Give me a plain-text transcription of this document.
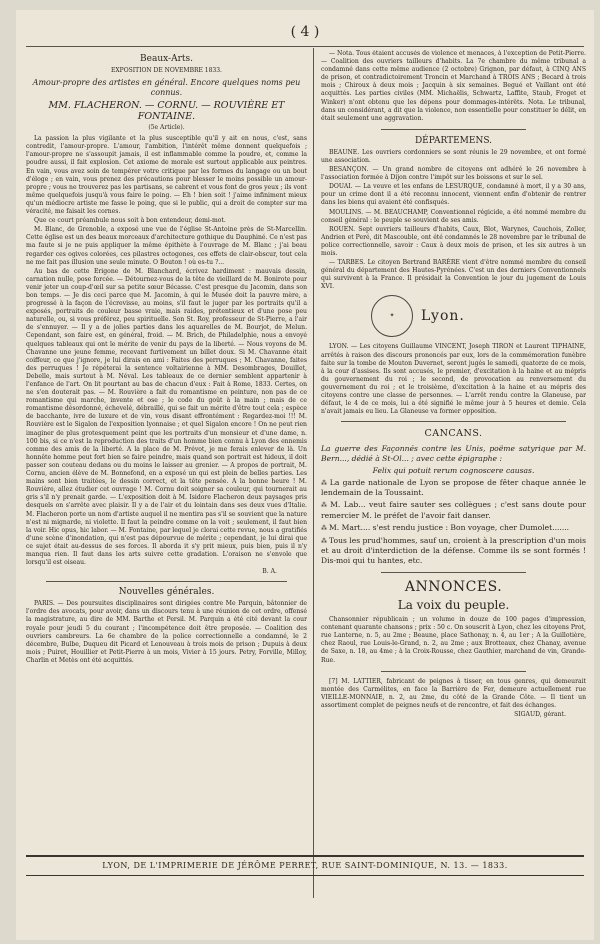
( 4 )
Beaux-Arts.

EXPOSITION DE NOVEMBRE 1833.

Amour-propre des artistes en général. Encore quelques noms peu connus.

MM. FLACHERON. — CORNU. — ROUVIÈRE ET FONTAINE.

(5e Article).

La passion la plus vigilante et la plus susceptible qu'il y ait en nous, c'est, sans contredit, l'amour-propre. L'amour, l'ambition, l'intérêt même donnent quelquefois ; l'amour-propre ne s'assoupit jamais, il est inflammable comme la poudre, et, comme la poudre aussi, il fait explosion. Cet axiome de morale est surtout applicable aux peintres. En vain, vous avez soin de tempérer votre critique par les formes du langage ou un bout d'éloge ; en vain, vous prenez des précautions pour blesser le moins possible un amour-propre ; vous ne trouverez pas les partisans, se cabrent et vous font de gros yeux ; ils vont même quelquefois jusqu'à vous faire le poing. — Eh ! bien soit ! j'aime infiniment mieux qu'un médiocre artiste me fasse le poing, que si le public, qui a droit de compter sur ma véracité, me faisait les cornes.

Que ce court préambule nous soit à bon entendeur, demi-mot.

M. Blanc, de Grenoble, a exposé une vue de l'église St-Antoine près de St-Marcellin. Cette église est un des beaux morceaux d'architecture gothique du Dauphiné. Ce n'est pas ma faute si je ne puis appliquer la même épithète à l'ouvrage de M. Blanc ; j'ai beau regarder ces ogives colorées, ces pilastres octogones, ces effets de clair-obscur, tout cela ne me fait pas illusion une seule minute. O Bouton ! où es-tu ?...

Au bas de cette Erigone de M. Blanchard, écrivez hardiment : mauvais dessin, carnation nulle, pose forcée. — Détournez-vous de la tête de vieillard de M. Bonirote pour venir jeter un coup-d'œil sur sa petite sœur Bécasse. C'est presque du Jacomin, dans son bon temps. — Je dis ceci parce que M. Jacomin, à qui le Musée doit la pauvre mère, a progressé à la façon de l'écrevisse, au moins, s'il faut le juger par les portraits qu'il a exposés, portraits de couleur basse vraie, mais raides, prétentieux et d'une pose peu naturelle, ou, si vous préférez, peu spirituelle. Son St. Roy, professeur de St-Pierre, a l'air de s'ennuyer. — Il y a de jolies parties dans les aquarelles de M. Bourjot, de Melun. Cependant, son faire est, en général, froid. — M. Brich, de Philadelphie, nous a envoyé quelques tableaux qui ont le mérite de venir du pays de la liberté. — Nous voyons de M. Chavanne une jeune femme, recevant furtivement un billet doux. Si M. Chavanne était coiffeur, ce que j'ignore, je lui dirais en ami : Faites des perruques ; M. Chavanne, faites des perruques ! Je répéterai la sentence voltairienne à MM. Desombrages, Douillet, Debelle, mais surtout à M. Néval. Les tableaux de ce dernier semblent appartenir à l'enfance de l'art. On lit pourtant au bas de chacun d'eux : Fait à Rome, 1833. Certes, on ne s'en douterait pas. — M. Rouvière a fait du romantisme en peinture, non pas de ce romantisme qui marche, invente et ose ; le code du goût à la main ; mais de ce romantisme désordonné, échevelé, débraillé, qui se fait un mérite d'être tout cela ; espèce de bacchante, ivre de luxure et de vin, vous disant effrontément : Regardez-moi !!! M. Rouvière est le Sigalon de l'exposition lyonnaise ; et quel Sigalon encore ! On ne peut rien imaginer de plus grotesquement peint que les portraits d'un monsieur et d'une dame, n. 100 bis, si ce n'est la reproduction des traits d'un homme bien connu à Lyon des ennemis comme des amis de la liberté. A la place de M. Prévot, je me ferais enlever de là. Un honnête homme peut fort bien se faire peindre, mais quand son portrait est hideux, il doit passer son couteau dedans ou du moins le laisser au grenier. — A propos de portrait, M. Cornu, ancien élève de M. Bonnefond, en a exposé un qui est plein de belles parties. Les mains sont bien traitées, le dessin correct, et la tête pensée. A la bonne heure ! M. Rouvière, allez étudier cet ouvrage ! M. Cornu doit soigner sa couleur, qui tournerait au gris s'il n'y prenait garde. — L'exposition doit à M. Isidore Flacheron deux paysages pris desquels on s'arrête avec plaisir. Il y a de l'air et du lointain dans ses deux vues d'Italie. M. Flacheron porte un nom d'artiste auquel il ne mentira pas s'il se souvient que la nature n'est ni mignarde, ni violette. Il faut la peindre comme on la voit ; seulement, il faut bien la voir. Hic opus, hic labor. — M. Fontaine, par lequel je clorai cette revue, nous a gratifiés d'une scène d'inondation, qui n'est pas dépourvue de mérite ; cependant, je lui dirai que ce sujet était au-dessus de ses forces. Il aborda it s'y prit mieux, puis bien, puis il n'y manqua rien. Il faut dans les arts suivre cette gradation. L'oraison ne s'envole que lorsqu'il est oiseau.

B. A.

Nouvelles générales.

PARIS. — Des poursuites disciplinaires sont dirigées contre Me Parquin, bâtonnier de l'ordre des avocats, pour avoir, dans un discours tenu à une réunion de cet ordre, offensé la magistrature, au dire de MM. Barthe et Persil. M. Parquin a été cité devant la cour royale pour jeudi 5 du courant ; l'incompétence doit être proposée. — Coalition des ouvriers cambreurs. La 6e chambre de la police correctionnelle a condamné, le 2 décembre, Bulbe, Duqueu dit Picard et Lenouveau à trois mois de prison ; Dupuis à deux mois ; Puiret, Houillier et Petit-Pierre à un mois, Vivier à 15 jours. Petry, Forville, Milloy, Charlin et Metès ont été acquittés.

— Nota. Tous étaient accusés de violence et menaces, à l'exception de Petit-Pierre. — Coalition des ouvriers tailleurs d'habits. La 7e chambre du même tribunal a condamné dans cette même audience (2 octobre) Grignon, par défaut, à CINQ ANS de prison, et contradictoirement Troncin et Marchand à TROIS ANS ; Becard à trois mois ; Chiroux à deux mois ; Jacquin à six semaines. Begué et Vaillant ont été acquittés. Les parties civiles (MM. Michaëlis, Schwartz, Laffite, Staub, Froget et Winker) n'ont obtenu que les dépens pour dommages-intérêts. Nota. Le tribunal, dans un considérant, a dit que la violence, non essentielle pour constituer le délit, en était seulement une aggravation.

DÉPARTEMENS.

BEAUNE. Les ouvriers cordonniers se sont réunis le 29 novembre, et ont formé une association.

BESANÇON. — Un grand nombre de citoyens ont adhéré le 26 novembre à l'association formée à Dijon contre l'impôt sur les boissons et sur le sel.

DOUAI. — La veuve et les enfans de LESURQUE, condamné à mort, il y a 30 ans, pour un crime dont il a été reconnu innocent, viennent enfin d'obtenir de rentrer dans les biens qui avaient été confisqués.

MOULINS. — M. BEAUCHAMP, Conventionnel régicide, a été nommé membre du conseil général : le peuple se souvient de ses amis.

ROUEN. Sept ouvriers tailleurs d'habits, Caux, Blot, Warynes, Cauchois, Zoller, Andrien et Peré, dit Mascouble, ont été condamnés le 28 novembre par le tribunal de police correctionnelle, savoir : Caux à deux mois de prison, et les six autres à un mois.

— TARBES. Le citoyen Bertrand BARÈRE vient d'être nommé membre du conseil général du département des Hautes-Pyrénées. C'est un des derniers Conventionnels qui survivent à la France. Il présidait la Convention le jour du jugement de Louis XVI.

✦	Lyon.

LYON. — Les citoyens Guillaume VINCENT, Joseph TIRON et Laurent TIPHAINE, arrêtés à raison des discours prononcés par eux, lors de la commémoration funèbre faite sur la tombe de Mouton Duvernet, seront jugés le samedi, quatorze de ce mois, à la cour d'assises. Ils sont accusés, le premier, d'excitation à la haine et au mépris du gouvernement du roi ; le second, de provocation au renversement du gouvernement du roi ; et le troisième, d'excitation à la haine et au mépris des citoyens contre une classe de personnes. — L'arrêt rendu contre la Glaneuse, par défaut, le 4 de ce mois, lui a été signifié le même jour à 5 heures et demie. Cela n'avait jamais eu lieu. La Glaneuse va former opposition.

CANCANS.

La guerre des Façonnés contre les Unis, poëme satyrique par M. Bern..., dédié à St-Ol... ; avec cette épigraphe :

Felix qui potuit rerum cognoscere causas.

⁂ La garde nationale de Lyon se propose de fêter chaque année le lendemain de la Toussaint.

⁂ M. Lab... veut faire sauter ses collègues ; c'est sans doute pour remercier M. le préfet de l'avoir fait danser.

⁂ M. Mart.... s'est rendu justice : Bon voyage, cher Dumolet.......

⁂ Tous les prud'hommes, sauf un, croient à la prescription d'un mois et au droit d'interdiction de la défense. Comme ils se sont formés ! Dis-moi qui tu hantes, etc.

ANNONCES.
La voix du peuple.

Chansonnier républicain ; un volume in douze de 100 pages d'impression, contenant quarante chansons ; prix : 50 c. On souscrit à Lyon, chez les citoyens Prot, rue Lanterne, n. 5, au 2me ; Beaune, place Sathonay, n. 4, au 1er ; A la Guillotière, chez Raoul, rue Louis-le-Grand, n. 2, au 2me ; aux Brotteaux, chez Chanay, avenue de Saxe, n. 18, au 4me ; à la Croix-Rousse, chez Gauthier, marchand de vin, Grande-Rue.

[7] M. LATTIER, fabricant de peignes à tisser, en tous genres, qui demeurait montée des Carmélites, en face la Barrière de Fer, demeure actuellement rue VIEILLE-MONNAIE, n. 2, au 2me, du côté de la Grande Côte. — Il tient un assortiment complet de peignes neufs et de rencontre, et fait des échanges.

SIGAUD, gérant.

LYON, DE L'IMPRIMERIE DE JÉRÔME PERRET, RUE SAINT-DOMINIQUE, N. 13. — 1833.
